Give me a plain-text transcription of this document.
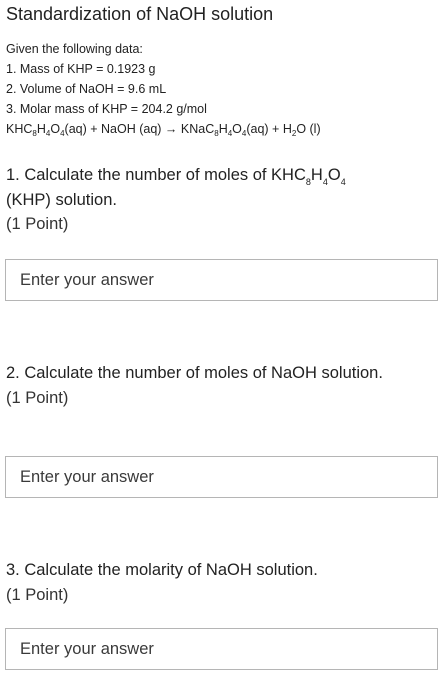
Standardization of NaOH solution
Given the following data:
1. Mass of KHP = 0.1923 g
2. Volume of NaOH = 9.6 mL
3. Molar mass of KHP = 204.2 g/mol
$KHC_8H_4O_4(aq)$ + NaOH $(aq) \to KNaC_8H_4O_4(aq) + H_2O$ (l)
1. Calculate the number of moles of $KHC_8H_4O_4$
(KHP) solution.
(1 Point)
Enter your answer
2. Calculate the number of moles of NaOH solution.
(1 Point)
Enter your answer
3. Calculate the molarity of NaOH solution.
(1 Point)
Enter your answer
